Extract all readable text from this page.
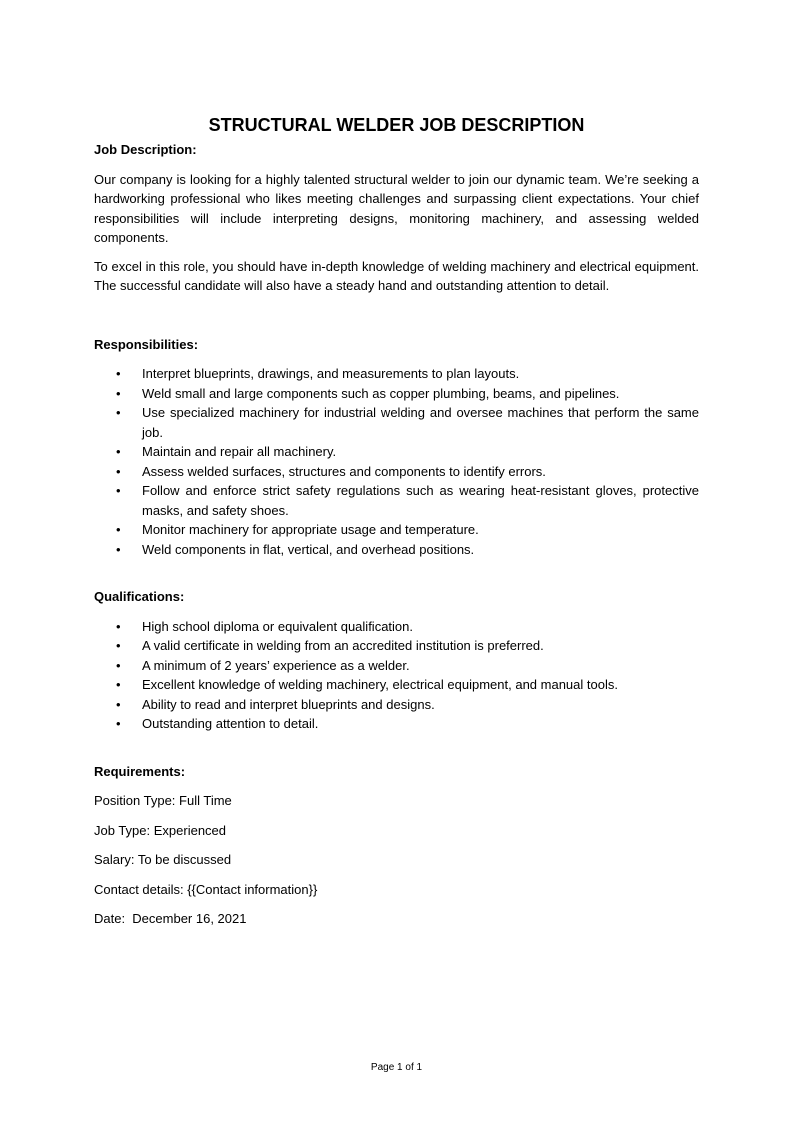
STRUCTURAL WELDER JOB DESCRIPTION
Job Description:

Our company is looking for a highly talented structural welder to join our dynamic team. We’re seeking a hardworking professional who likes meeting challenges and surpassing client expectations. Your chief responsibilities will include interpreting designs, monitoring machinery, and assessing welded components.

To excel in this role, you should have in-depth knowledge of welding machinery and electrical equipment. The successful candidate will also have a steady hand and outstanding attention to detail.

Responsibilities:
• Interpret blueprints, drawings, and measurements to plan layouts.
• Weld small and large components such as copper plumbing, beams, and pipelines.
• Use specialized machinery for industrial welding and oversee machines that perform the same job.
• Maintain and repair all machinery.
• Assess welded surfaces, structures and components to identify errors.
• Follow and enforce strict safety regulations such as wearing heat-resistant gloves, protective masks, and safety shoes.
• Monitor machinery for appropriate usage and temperature.
• Weld components in flat, vertical, and overhead positions.
Qualifications:
• High school diploma or equivalent qualification.
• A valid certificate in welding from an accredited institution is preferred.
• A minimum of 2 years’ experience as a welder.
• Excellent knowledge of welding machinery, electrical equipment, and manual tools.
• Ability to read and interpret blueprints and designs.
• Outstanding attention to detail.
Requirements:
Position Type: Full Time
Job Type: Experienced
Salary: To be discussed
Contact details: {{Contact information}}
Date:  December 16, 2021
Page 1 of 1
